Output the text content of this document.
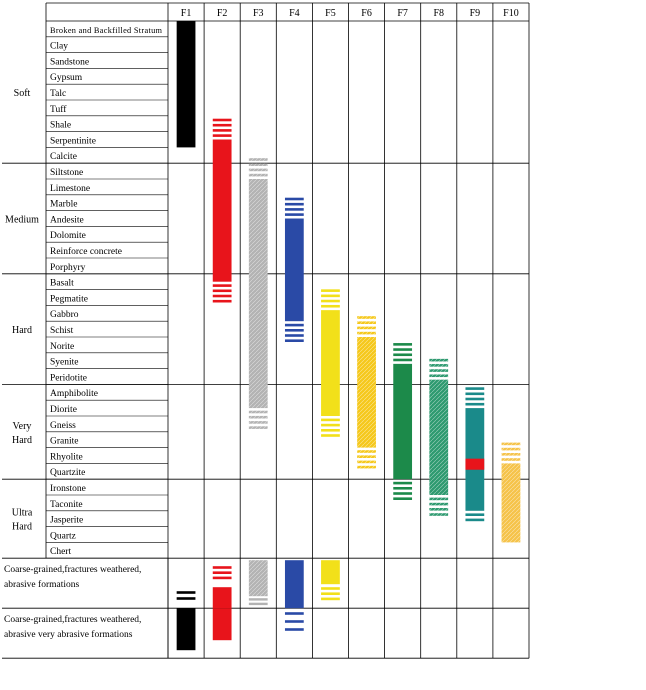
F1	F2	F3	F4	F5	F6	F7	F8	F9 F10
Broken and Backfilled Stratum
Clay
Sandstone
Gypsum
Talc
Tuff
Shale
Serpentinite
Calcite
Soft
Siltstone
Limestone
Marble
Andesite
Dolomite
Reinforce concrete
Porphyry
Medium
Basalt
Pegmatite
Gabbro
Schist
Norite
Syenite
Peridotite
Hard
Amphibolite
Diorite
Gneiss
Granite
Rhyolite
Quartzite
Very
Hard
Ironstone
Taconite
Jasperite
Quartz
Chert
Ultra
Hard
Coarse-grained,fractures weathered,
abrasive formations
Coarse-grained,fractures weathered,
abrasive very abrasive formations
